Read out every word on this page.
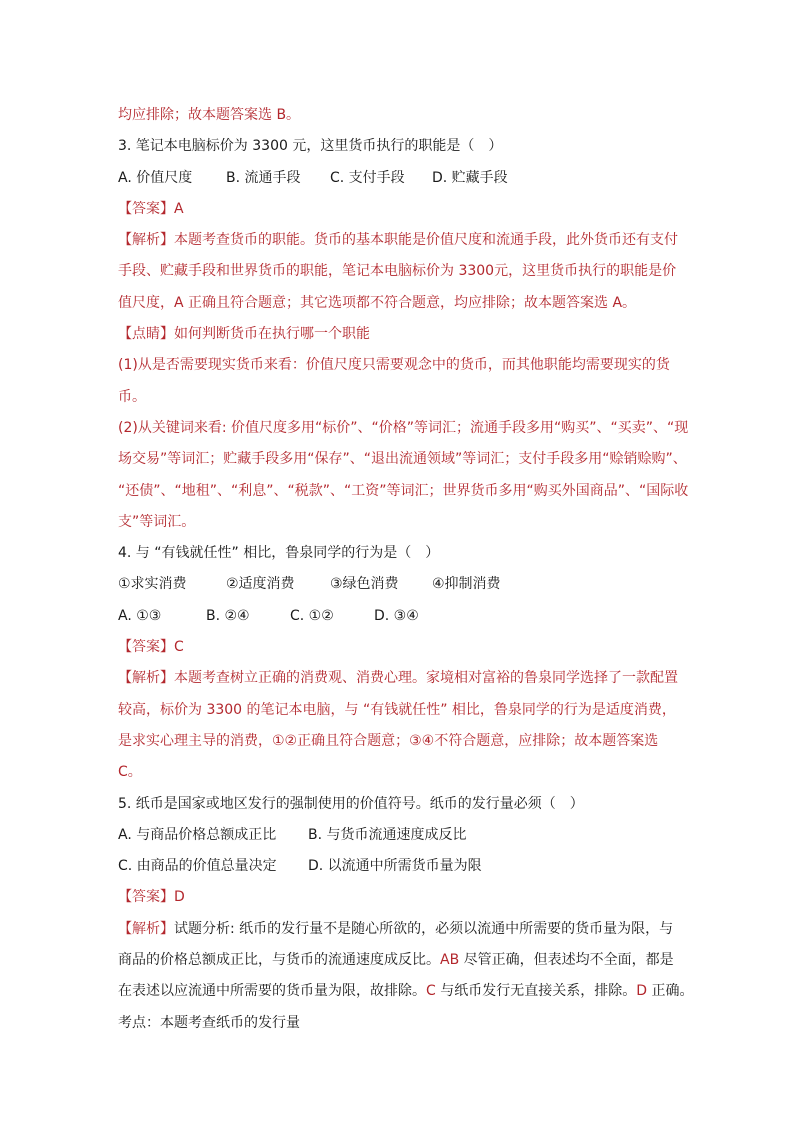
均应排除；故本题答案选 B。
3. 笔记本电脑标价为 3300 元，这里货币执行的职能是（　）
A. 价值尺度 B. 流通手段 C. 支付手段 D. 贮藏手段
【答案】A
【解析】本题考查货币的职能。货币的基本职能是价值尺度和流通手段，此外货币还有支付
手段、贮藏手段和世界货币的职能，笔记本电脑标价为 3300元，这里货币执行的职能是价
值尺度，A 正确且符合题意；其它选项都不符合题意，均应排除；故本题答案选 A。
【点睛】如何判断货币在执行哪一个职能
(1)从是否需要现实货币来看：价值尺度只需要观念中的货币，而其他职能均需要现实的货
币。
(2)从关键词来看: 价值尺度多用“标价”、“价格”等词汇；流通手段多用“购买”、“买卖”、“现
场交易”等词汇；贮藏手段多用“保存”、“退出流通领域”等词汇；支付手段多用“赊销赊购”、
“还债”、“地租”、“利息”、“税款”、“工资”等词汇；世界货币多用“购买外国商品”、“国际收
支”等词汇。
4. 与 “有钱就任性” 相比，鲁泉同学的行为是（　）
①求实消费	②适度消费	③绿色消费 ④抑制消费
A. ①③	B. ②④	C. ①②	D. ③④
【答案】C
【解析】本题考查树立正确的消费观、消费心理。家境相对富裕的鲁泉同学选择了一款配置
较高，标价为 3300 的笔记本电脑，与 “有钱就任性” 相比，鲁泉同学的行为是适度消费，
是求实心理主导的消费，①②正确且符合题意；③④不符合题意，应排除；故本题答案选
C。
5. 纸币是国家或地区发行的强制使用的价值符号。纸币的发行量必须（　）
A. 与商品价格总额成正比 B. 与货币流通速度成反比
C. 由商品的价值总量决定 D. 以流通中所需货币量为限
【答案】D
【解析】试题分析: 纸币的发行量不是随心所欲的，必须以流通中所需要的货币量为限，与
商品的价格总额成正比，与货币的流通速度成反比。AB 尽管正确，但表述均不全面，都是
在表述以应流通中所需要的货币量为限，故排除。C 与纸币发行无直接关系，排除。D 正确。
考点：本题考查纸币的发行量
